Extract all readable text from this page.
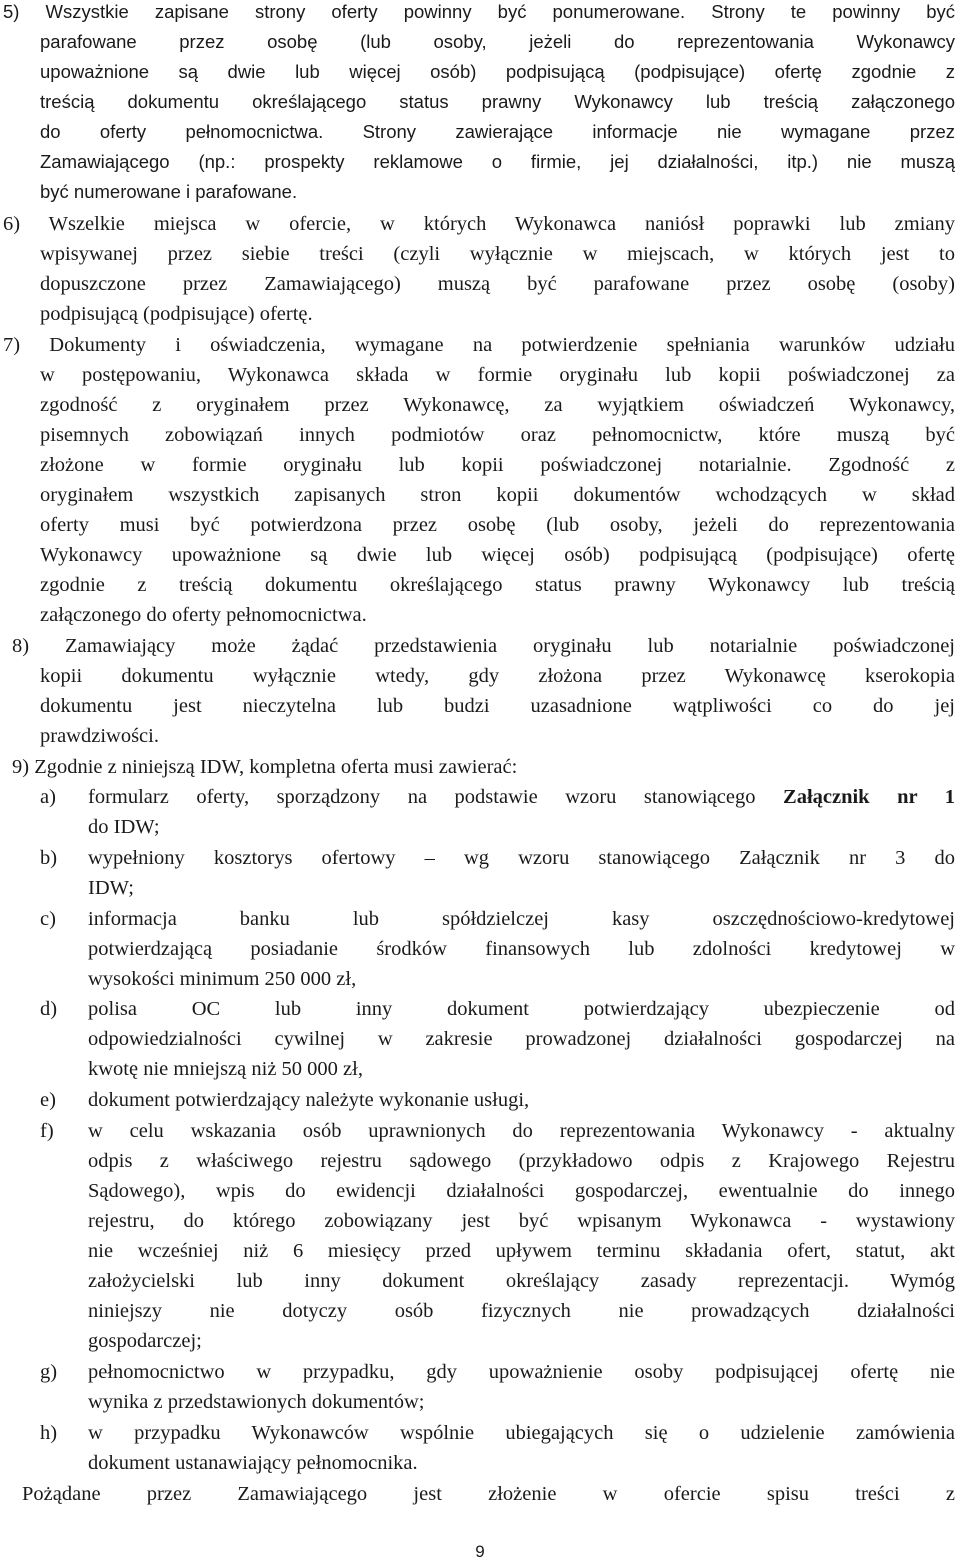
5) Wszystkie zapisane strony oferty powinny być ponumerowane. Strony te powinny być
parafowane przez osobę (lub osoby, jeżeli do reprezentowania Wykonawcy
upoważnione są dwie lub więcej osób) podpisującą (podpisujące) ofertę zgodnie z
treścią dokumentu określającego status prawny Wykonawcy lub treścią załączonego
do oferty pełnomocnictwa. Strony zawierające informacje nie wymagane przez
Zamawiającego (np.: prospekty reklamowe o firmie, jej działalności, itp.) nie muszą
być numerowane i parafowane.
6) Wszelkie miejsca w ofercie, w których Wykonawca naniósł poprawki lub zmiany
wpisywanej przez siebie treści (czyli wyłącznie w miejscach, w których jest to
dopuszczone przez Zamawiającego) muszą być parafowane przez osobę (osoby)
podpisującą (podpisujące) ofertę.
7) Dokumenty i oświadczenia, wymagane na potwierdzenie spełniania warunków udziału
w postępowaniu, Wykonawca składa w formie oryginału lub kopii poświadczonej za
zgodność z oryginałem przez Wykonawcę, za wyjątkiem oświadczeń Wykonawcy,
pisemnych zobowiązań innych podmiotów oraz pełnomocnictw, które muszą być
złożone w formie oryginału lub kopii poświadczonej notarialnie. Zgodność z
oryginałem wszystkich zapisanych stron kopii dokumentów wchodzących w skład
oferty musi być potwierdzona przez osobę (lub osoby, jeżeli do reprezentowania
Wykonawcy upoważnione są dwie lub więcej osób) podpisującą (podpisujące) ofertę
zgodnie z treścią dokumentu określającego status prawny Wykonawcy lub treścią
załączonego do oferty pełnomocnictwa.
8) Zamawiający może żądać przedstawienia oryginału lub notarialnie poświadczonej
kopii dokumentu wyłącznie wtedy, gdy złożona przez Wykonawcę kserokopia
dokumentu jest nieczytelna lub budzi uzasadnione wątpliwości co do jej
prawdziwości.
9) Zgodnie z niniejszą IDW, kompletna oferta musi zawierać:
a) formularz oferty, sporządzony na podstawie wzoru stanowiącego Załącznik nr 1
do IDW;
b) wypełniony kosztorys ofertowy – wg wzoru stanowiącego Załącznik nr 3 do
IDW;
c) informacja banku lub spółdzielczej kasy oszczędnościowo-kredytowej
potwierdzającą posiadanie środków finansowych lub zdolności kredytowej w
wysokości minimum 250 000 zł,
d) polisa OC lub inny dokument potwierdzający ubezpieczenie od
odpowiedzialności cywilnej w zakresie prowadzonej działalności gospodarczej na
kwotę nie mniejszą niż 50 000 zł,
e) dokument potwierdzający należyte wykonanie usługi,
f) w celu wskazania osób uprawnionych do reprezentowania Wykonawcy - aktualny
odpis z właściwego rejestru sądowego (przykładowo odpis z Krajowego Rejestru
Sądowego), wpis do ewidencji działalności gospodarczej, ewentualnie do innego
rejestru, do którego zobowiązany jest być wpisanym Wykonawca - wystawiony
nie wcześniej niż 6 miesięcy przed upływem terminu składania ofert, statut, akt
założycielski lub inny dokument określający zasady reprezentacji. Wymóg
niniejszy nie dotyczy osób fizycznych nie prowadzących działalności
gospodarczej;
g) pełnomocnictwo w przypadku, gdy upoważnienie osoby podpisującej ofertę nie
wynika z przedstawionych dokumentów;
h) w przypadku Wykonawców wspólnie ubiegających się o udzielenie zamówienia
dokument ustanawiający pełnomocnika.
Pożądane przez Zamawiającego jest złożenie w ofercie spisu treści z
9
